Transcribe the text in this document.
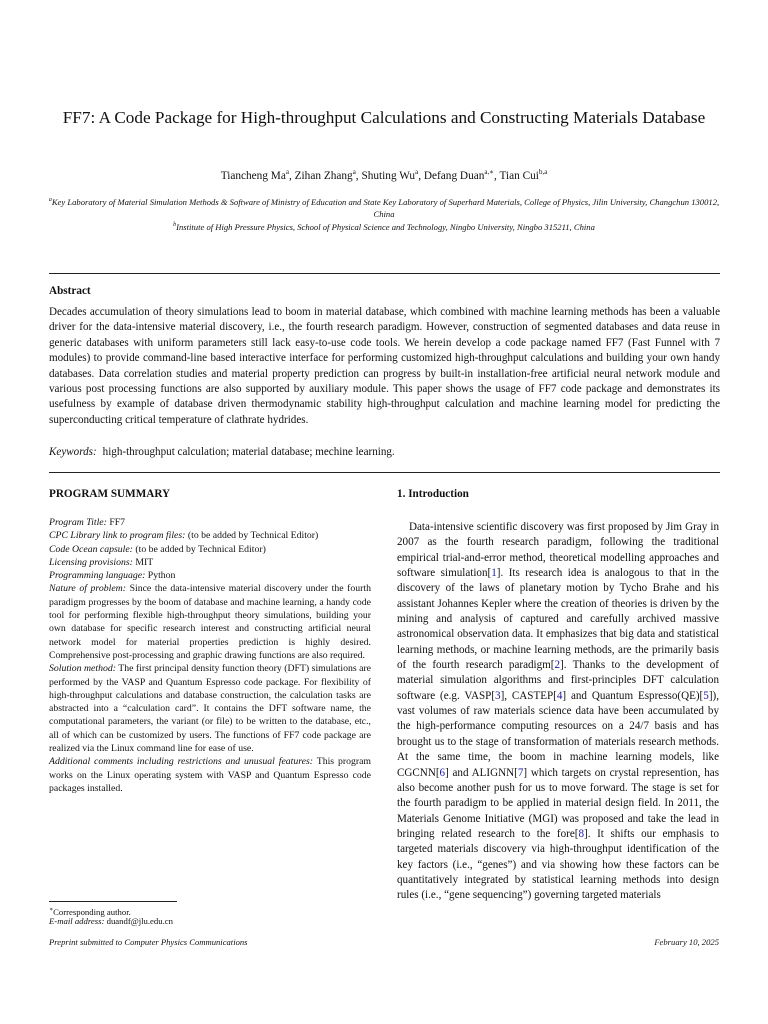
FF7: A Code Package for High-throughput Calculations and Constructing Materials Database
Tiancheng Ma$^a$, Zihan Zhang$^a$, Shuting Wu$^a$, Defang Duan$^{a,∗}$, Tian Cui$^{b,a}$
$^a$Key Laboratory of Material Simulation Methods & Software of Ministry of Education and State Key Laboratory of Superhard Materials, College of Physics, Jilin University, Changchun 130012, China
$^b$Institute of High Pressure Physics, School of Physical Science and Technology, Ningbo University, Ningbo 315211, China
Abstract
Decades accumulation of theory simulations lead to boom in material database, which combined with machine learning methods has been a valuable driver for the data-intensive material discovery, i.e., the fourth research paradigm. However, construction of segmented databases and data reuse in generic databases with uniform parameters still lack easy-to-use code tools. We herein develop a code package named FF7 (Fast Funnel with 7 modules) to provide command-line based interactive interface for performing customized high-throughput calculations and building your own handy databases. Data correlation studies and material property prediction can progress by built-in installation-free artificial neural network module and various post processing functions are also supported by auxiliary module. This paper shows the usage of FF7 code package and demonstrates its usefulness by example of database driven thermodynamic stability high-throughput calculation and machine learning model for predicting the superconducting critical temperature of clathrate hydrides.
Keywords: high-throughput calculation; material database; mechine learning.
PROGRAM SUMMARY
Program Title: FF7
CPC Library link to program files: (to be added by Technical Editor)
Code Ocean capsule: (to be added by Technical Editor)
Licensing provisions: MIT
Programming language: Python
Nature of problem: Since the data-intensive material discovery under the fourth paradigm progresses by the boom of database and machine learning, a handy code tool for performing flexible high-throughput theory simulations, building your own database for specific research interest and constructing artificial neural network model for material properties prediction is highly desired. Comprehensive post-processing and graphic drawing functions are also required.
Solution method: The first principal density function theory (DFT) simulations are performed by the VASP and Quantum Espresso code package. For flexibility of high-throughput calculations and database construction, the calculation tasks are abstracted into a “calculation card”. It contains the DFT software name, the computational parameters, the variant (or file) to be written to the database, etc., all of which can be customized by users. The functions of FF7 code package are realized via the Linux command line for ease of use.
Additional comments including restrictions and unusual features: This program works on the Linux operating system with VASP and Quantum Espresso code packages installed.
1. Introduction
Data-intensive scientific discovery was first proposed by Jim Gray in 2007 as the fourth research paradigm, following the traditional empirical trial-and-error method, theoretical modelling approaches and software simulation[1]. Its research idea is analogous to that in the discovery of the laws of planetary motion by Tycho Brahe and his assistant Johannes Kepler where the creation of theories is driven by the mining and analysis of captured and carefully archived massive astronomical observation data. It emphasizes that big data and statistical learning methods, or machine learning methods, are the primarily basis of the fourth research paradigm[2]. Thanks to the development of material simulation algorithms and first-principles DFT calculation software (e.g. VASP[3], CASTEP[4] and Quantum Espresso(QE)[5]), vast volumes of raw materials science data have been accumulated by the high-performance computing resources on a 24/7 basis and has brought us to the stage of transformation of materials research methods. At the same time, the boom in machine learning models, like CGCNN[6] and ALIGNN[7] which targets on crystal represention, has also become another push for us to move forward. The stage is set for the fourth paradigm to be applied in material design field. In 2011, the Materials Genome Initiative (MGI) was proposed and take the lead in bringing related research to the fore[8]. It shifts our emphasis to targeted materials discovery via high-throughput identification of the key factors (i.e., “genes”) and via showing how these factors can be quantitatively integrated by statistical learning methods into design rules (i.e., “gene sequencing”) governing targeted materials
∗Corresponding author.
E-mail address: duandf@jlu.edu.cn
Preprint submitted to Computer Physics Communications	February 10, 2025
